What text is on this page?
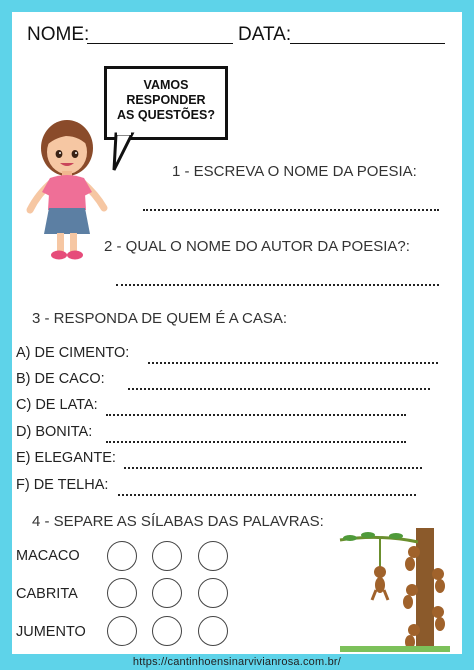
NOME:	DATA:
VAMOS
RESPONDER
AS QUESTÕES?
1 - ESCREVA O NOME DA POESIA:
2 - QUAL O NOME DO AUTOR DA POESIA?:
3 - RESPONDA DE QUEM É A CASA:
A) DE CIMENTO:
B) DE CACO:
C) DE LATA:
D) BONITA:
E) ELEGANTE:
F) DE TELHA:
4 - SEPARE AS SÍLABAS DAS PALAVRAS:
MACACO
CABRITA
JUMENTO
https://cantinhoensinarvivianrosa.com.br/
